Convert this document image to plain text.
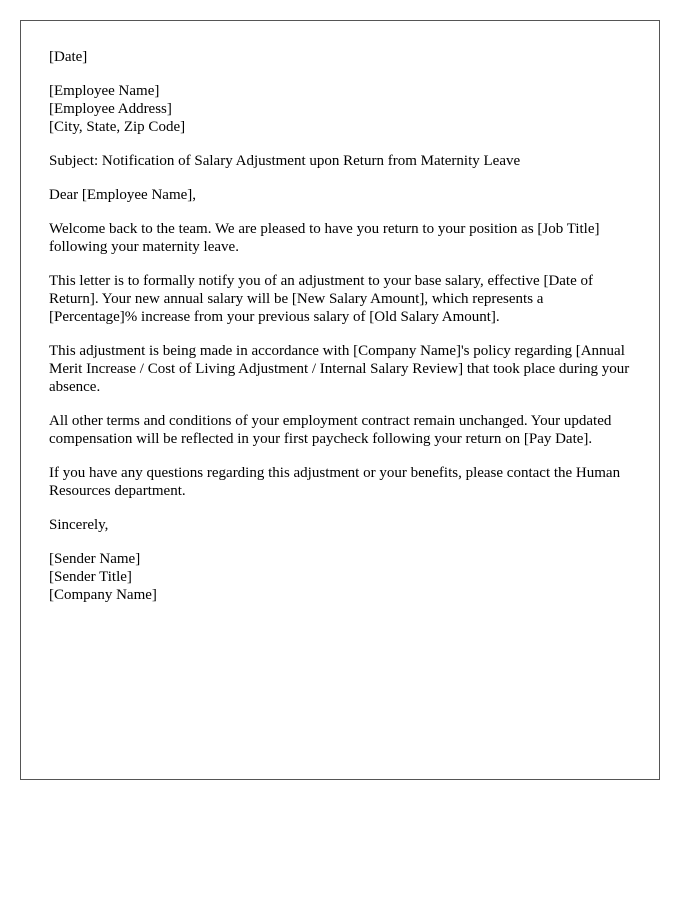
[Date]

[Employee Name]
[Employee Address]
[City, State, Zip Code]

Subject: Notification of Salary Adjustment upon Return from Maternity Leave

Dear [Employee Name],

Welcome back to the team. We are pleased to have you return to your position as [Job Title] following your maternity leave.

This letter is to formally notify you of an adjustment to your base salary, effective [Date of Return]. Your new annual salary will be [New Salary Amount], which represents a [Percentage]% increase from your previous salary of [Old Salary Amount].

This adjustment is being made in accordance with [Company Name]'s policy regarding [Annual Merit Increase / Cost of Living Adjustment / Internal Salary Review] that took place during your absence.

All other terms and conditions of your employment contract remain unchanged. Your updated compensation will be reflected in your first paycheck following your return on [Pay Date].

If you have any questions regarding this adjustment or your benefits, please contact the Human Resources department.

Sincerely,

[Sender Name]
[Sender Title]
[Company Name]
